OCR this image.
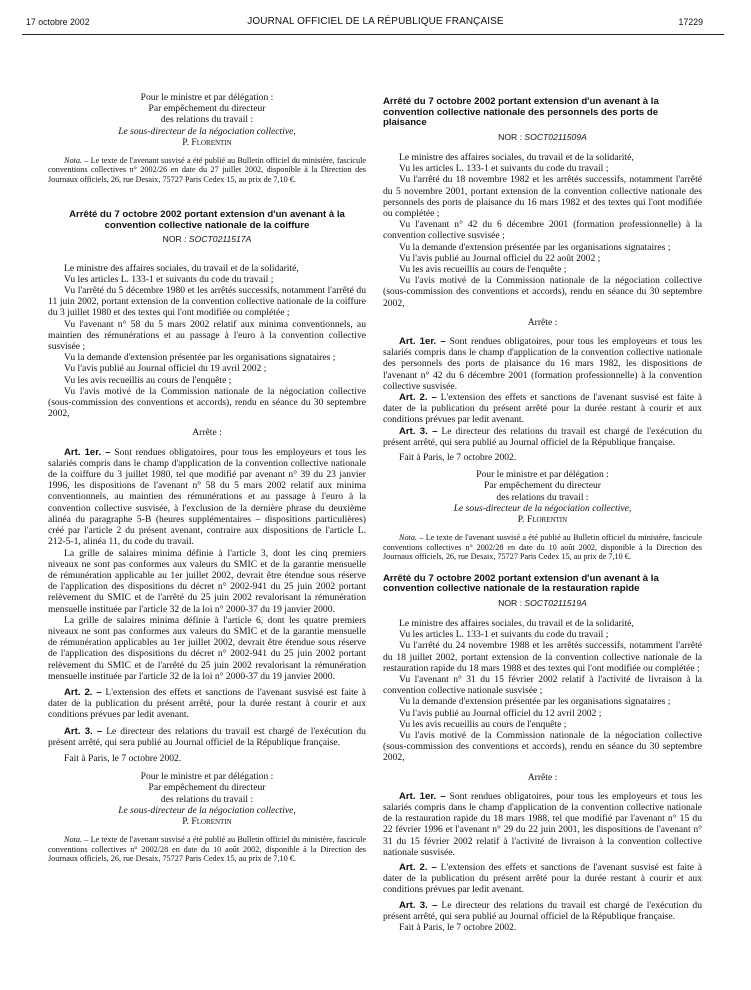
17 octobre 2002	JOURNAL OFFICIEL DE LA RÉPUBLIQUE FRANÇAISE	17229

Pour le ministre et par délégation :

Par empêchement du directeur

des relations du travail :

Le sous-directeur de la négociation collective,

P. Florentin

Nota. – Le texte de l'avenant susvisé a été publié au Bulletin officiel du ministère, fascicule conventions collectives n° 2002/26 en date du 27 juillet 2002, disponible à la Direction des Journaux officiels, 26, rue Desaix, 75727 Paris Cedex 15, au prix de 7,10 €.

Arrêté du 7 octobre 2002 portant extension d'un avenant à la convention collective nationale de la coiffure

NOR : SOCT0211517A

Le ministre des affaires sociales, du travail et de la solidarité,

Vu les articles L. 133-1 et suivants du code du travail ;

Vu l'arrêté du 5 décembre 1980 et les arrêtés successifs, notamment l'arrêté du 11 juin 2002, portant extension de la convention collective nationale de la coiffure du 3 juillet 1980 et des textes qui l'ont modifiée ou complétée ;

Vu l'avenant n° 58 du 5 mars 2002 relatif aux minima conventionnels, au maintien des rémunérations et au passage à l'euro à la convention collective susvisée ;

Vu la demande d'extension présentée par les organisations signataires ;

Vu l'avis publié au Journal officiel du 19 avril 2002 ;

Vu les avis recueillis au cours de l'enquête ;

Vu l'avis motivé de la Commission nationale de la négociation collective (sous-commission des conventions et accords), rendu en séance du 30 septembre 2002,

Arrête :

Art. 1er. – Sont rendues obligatoires, pour tous les employeurs et tous les salariés compris dans le champ d'application de la convention collective nationale de la coiffure du 3 juillet 1980, tel que modifié par avenant n° 39 du 23 janvier 1996, les dispositions de l'avenant n° 58 du 5 mars 2002 relatif aux minima conventionnels, au maintien des rémunérations et au passage à l'euro à la convention collective susvisée, à l'exclusion de la dernière phrase du deuxième alinéa du paragraphe 5-B (heures supplémentaires – dispositions particulières) créé par l'article 2 du présent avenant, contraire aux dispositions de l'article L. 212-5-1, alinéa 11, du code du travail.

La grille de salaires minima définie à l'article 3, dont les cinq premiers niveaux ne sont pas conformes aux valeurs du SMIC et de la garantie mensuelle de rémunération applicable au 1er juillet 2002, devrait être étendue sous réserve de l'application des dispositions du décret n° 2002-941 du 25 juin 2002 portant relèvement du SMIC et de l'arrêté du 25 juin 2002 revalorisant la rémunération mensuelle instituée par l'article 32 de la loi n° 2000-37 du 19 janvier 2000.

La grille de salaires minima définie à l'article 6, dont les quatre premiers niveaux ne sont pas conformes aux valeurs du SMIC et de la garantie mensuelle de rémunération applicables au 1er juillet 2002, devrait être étendue sous réserve de l'application des dispositions du décret n° 2002-941 du 25 juin 2002 portant relèvement du SMIC et de l'arrêté du 25 juin 2002 revalorisant la rémunération mensuelle instituée par l'article 32 de la loi n° 2000-37 du 19 janvier 2000.

Art. 2. – L'extension des effets et sanctions de l'avenant susvisé est faite à dater de la publication du présent arrêté, pour la durée restant à courir et aux conditions prévues par ledit avenant.

Art. 3. – Le directeur des relations du travail est chargé de l'exécution du présent arrêté, qui sera publié au Journal officiel de la République française.

Fait à Paris, le 7 octobre 2002.

Pour le ministre et par délégation :

Par empêchement du directeur

des relations du travail :

Le sous-directeur de la négociation collective,

P. Florentin

Nota. – Le texte de l'avenant susvisé a été publié au Bulletin officiel du ministère, fascicule conventions collectives n° 2002/28 en date du 10 août 2002, disponible à la Direction des Journaux officiels, 26, rue Desaix, 75727 Paris Cedex 15, au prix de 7,10 €.

Arrêté du 7 octobre 2002 portant extension d'un avenant à la convention collective nationale des personnels des ports de plaisance

NOR : SOCT0211509A

Le ministre des affaires sociales, du travail et de la solidarité,

Vu les articles L. 133-1 et suivants du code du travail ;

Vu l'arrêté du 18 novembre 1982 et les arrêtés successifs, notamment l'arrêté du 5 novembre 2001, portant extension de la convention collective nationale des personnels des ports de plaisance du 16 mars 1982 et des textes qui l'ont modifiée ou complétée ;

Vu l'avenant n° 42 du 6 décembre 2001 (formation professionnelle) à la convention collective susvisée ;

Vu la demande d'extension présentée par les organisations signataires ;

Vu l'avis publié au Journal officiel du 22 août 2002 ;

Vu les avis recueillis au cours de l'enquête ;

Vu l'avis motivé de la Commission nationale de la négociation collective (sous-commission des conventions et accords), rendu en séance du 30 septembre 2002,

Arrête :

Art. 1er. – Sont rendues obligatoires, pour tous les employeurs et tous les salariés compris dans le champ d'application de la convention collective nationale des personnels des ports de plaisance du 16 mars 1982, les dispositions de l'avenant n° 42 du 6 décembre 2001 (formation professionnelle) à la convention collective susvisée.

Art. 2. – L'extension des effets et sanctions de l'avenant susvisé est faite à dater de la publication du présent arrêté pour la durée restant à courir et aux conditions prévues par ledit avenant.

Art. 3. – Le directeur des relations du travail est chargé de l'exécution du présent arrêté, qui sera publié au Journal officiel de la République française.

Fait à Paris, le 7 octobre 2002.

Pour le ministre et par délégation :

Par empêchement du directeur

des relations du travail :

Le sous-directeur de la négociation collective,

P. Florentin

Nota. – Le texte de l'avenant susvisé a été publié au Bulletin officiel du ministère, fascicule conventions collectives n° 2002/28 en date du 10 août 2002, disponible à la Direction des Journaux officiels, 26, rue Desaix, 75727 Paris Cedex 15, au prix de 7,10 €.

Arrêté du 7 octobre 2002 portant extension d'un avenant à la convention collective nationale de la restauration rapide

NOR : SOCT0211519A

Le ministre des affaires sociales, du travail et de la solidarité,

Vu les articles L. 133-1 et suivants du code du travail ;

Vu l'arrêté du 24 novembre 1988 et les arrêtés successifs, notamment l'arrêté du 18 juillet 2002, portant extension de la convention collective nationale de la restauration rapide du 18 mars 1988 et des textes qui l'ont modifiée ou complétée ;

Vu l'avenant n° 31 du 15 février 2002 relatif à l'activité de livraison à la convention collective nationale susvisée ;

Vu la demande d'extension présentée par les organisations signataires ;

Vu l'avis publié au Journal officiel du 12 avril 2002 ;

Vu les avis recueillis au cours de l'enquête ;

Vu l'avis motivé de la Commission nationale de la négociation collective (sous-commission des conventions et accords), rendu en séance du 30 septembre 2002,

Arrête :

Art. 1er. – Sont rendues obligatoires, pour tous les employeurs et tous les salariés compris dans le champ d'application de la convention collective nationale de la restauration rapide du 18 mars 1988, tel que modifié par l'avenant n° 15 du 22 février 1996 et l'avenant n° 29 du 22 juin 2001, les dispositions de l'avenant n° 31 du 15 février 2002 relatif à l'activité de livraison à la convention collective nationale susvisée.

Art. 2. – L'extension des effets et sanctions de l'avenant susvisé est faite à dater de la publication du présent arrêté pour la durée restant à courir et aux conditions prévues par ledit avenant.

Art. 3. – Le directeur des relations du travail est chargé de l'exécution du présent arrêté, qui sera publié au Journal officiel de la République française.

Fait à Paris, le 7 octobre 2002.
